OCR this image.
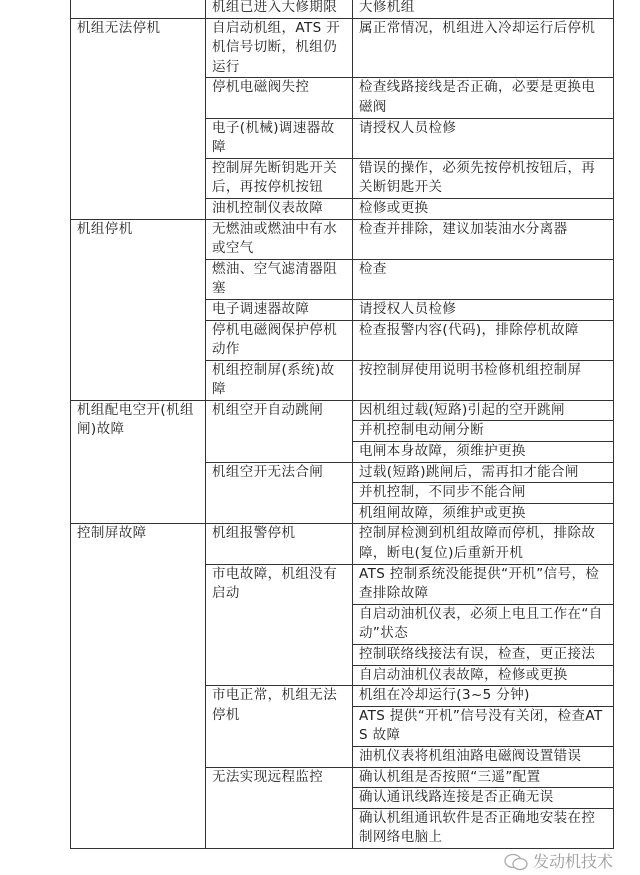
	机组已进入大修期限	大修机组
机组无法停机	自启动机组，ATS 开机信号切断，机组仍运行	属正常情况，机组进入冷却运行后停机
	停机电磁阀失控	检查线路接线是否正确，必要是更换电磁阀
	电子(机械)调速器故障	请授权人员检修
	控制屏先断钥匙开关后，再按停机按钮	错误的操作，必须先按停机按钮后，再关断钥匙开关
	油机控制仪表故障	检修或更换
机组停机	无燃油或燃油中有水或空气	检查并排除，建议加装油水分离器
	燃油、空气滤清器阻塞	检查
	电子调速器故障	请授权人员检修
	停机电磁阀保护停机动作	检查报警内容(代码)，排除停机故障
	机组控制屏(系统)故障	按控制屏使用说明书检修机组控制屏
机组配电空开(机组闸)故障	机组空开自动跳闸	因机组过载(短路)引起的空开跳闸
		并机控制电动闸分断
		电闸本身故障，须维护更换
	机组空开无法合闸	过载(短路)跳闸后，需再扣才能合闸
		并机控制，不同步不能合闸
		机组闸故障，须维护或更换
控制屏故障	机组报警停机	控制屏检测到机组故障而停机，排除故障，断电(复位)后重新开机
	市电故障，机组没有启动	ATS 控制系统没能提供“开机”信号，检查排除故障
		自启动油机仪表，必须上电且工作在“自动”状态
		控制联络线接法有误，检查，更正接法
		自启动油机仪表故障，检修或更换
	市电正常，机组无法停机	机组在冷却运行(3~5 分钟)
		ATS 提供“开机”信号没有关闭，检查ATS 故障
		油机仪表将机组油路电磁阀设置错误
	无法实现远程监控	确认机组是否按照“三遥”配置
		确认通讯线路连接是否正确无误
		确认机组通讯软件是否正确地安装在控制网络电脑上
发动机技术
